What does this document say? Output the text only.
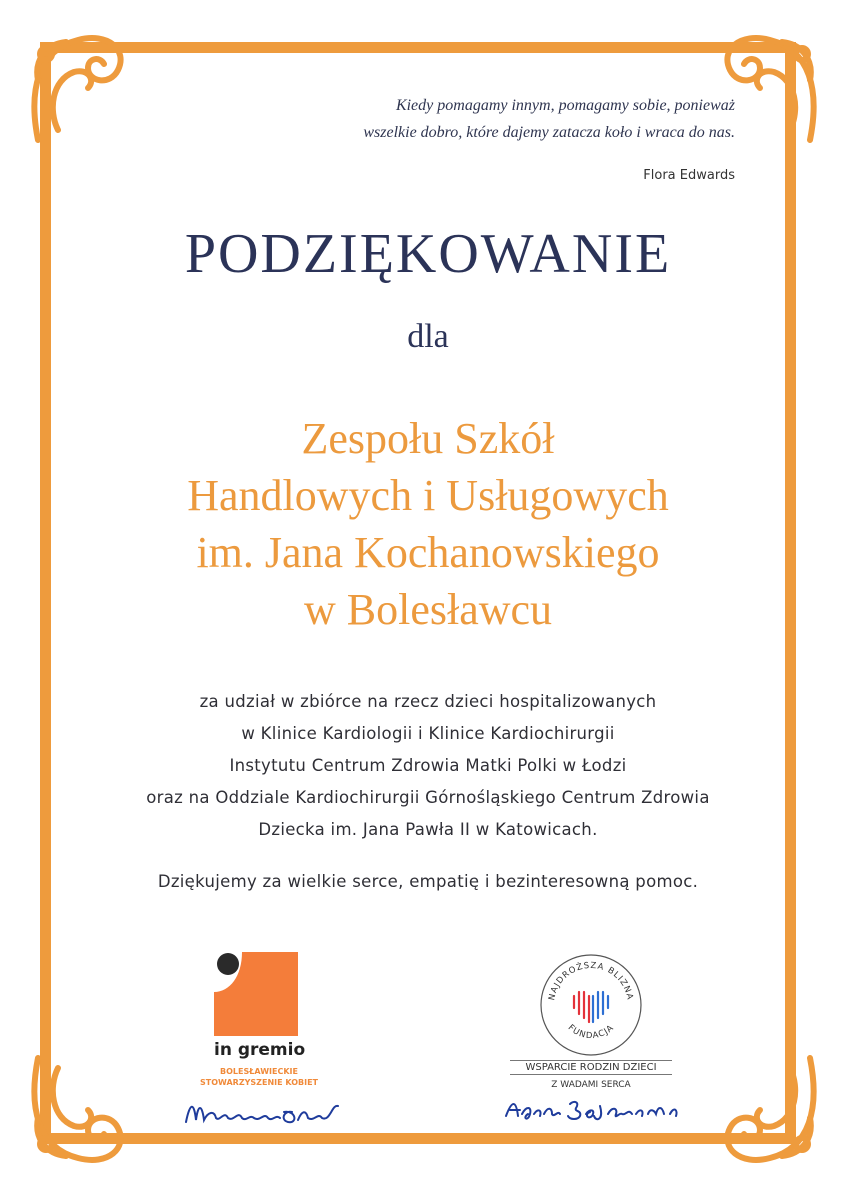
Kiedy pomagamy innym, pomagamy sobie, ponieważ
wszelkie dobro, które dajemy zatacza koło i wraca do nas.
Flora Edwards
PODZIĘKOWANIE
dla
Zespołu Szkół
Handlowych i Usługowych
im. Jana Kochanowskiego
w Bolesławcu
za udział w zbiórce na rzecz dzieci hospitalizowanych
w Klinice Kardiologii i Klinice Kardiochirurgii
Instytutu Centrum Zdrowia Matki Polki w Łodzi
oraz na Oddziale Kardiochirurgii Górnośląskiego Centrum Zdrowia
Dziecka im. Jana Pawła II w Katowicach.
Dziękujemy za wielkie serce, empatię i bezinteresowną pomoc.
in gremio
BOLESŁAWIECKIE
STOWARZYSZENIE KOBIET
NAJDROŻSZA BLIZNA
FUNDACJA
WSPARCIE RODZIN DZIECI
Z WADAMI SERCA
